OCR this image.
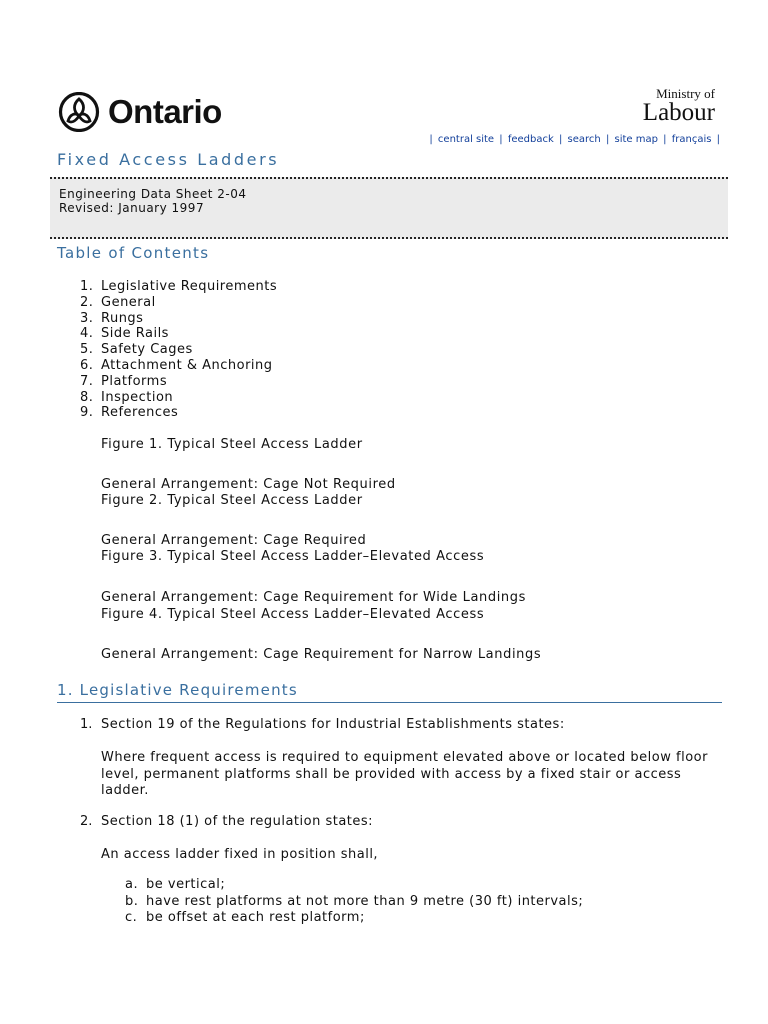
Ontario	Ministry of
Labour
| central site | feedback | search | site map | français |
Fixed Access Ladders
Engineering Data Sheet 2-04
Revised: January 1997
Table of Contents
1. Legislative Requirements
2. General
3. Rungs
4. Side Rails
5. Safety Cages
6. Attachment & Anchoring
7. Platforms
8. Inspection
9. References
Figure 1. Typical Steel Access Ladder
General Arrangement: Cage Not Required
Figure 2. Typical Steel Access Ladder
General Arrangement: Cage Required
Figure 3. Typical Steel Access Ladder–Elevated Access
General Arrangement: Cage Requirement for Wide Landings
Figure 4. Typical Steel Access Ladder–Elevated Access
General Arrangement: Cage Requirement for Narrow Landings
1. Legislative Requirements
1. Section 19 of the Regulations for Industrial Establishments states:
Where frequent access is required to equipment elevated above or located below floor
level, permanent platforms shall be provided with access by a fixed stair or access
ladder.
2. Section 18 (1) of the regulation states:
An access ladder fixed in position shall,
a. be vertical;
b. have rest platforms at not more than 9 metre (30 ft) intervals;
c. be offset at each rest platform;
